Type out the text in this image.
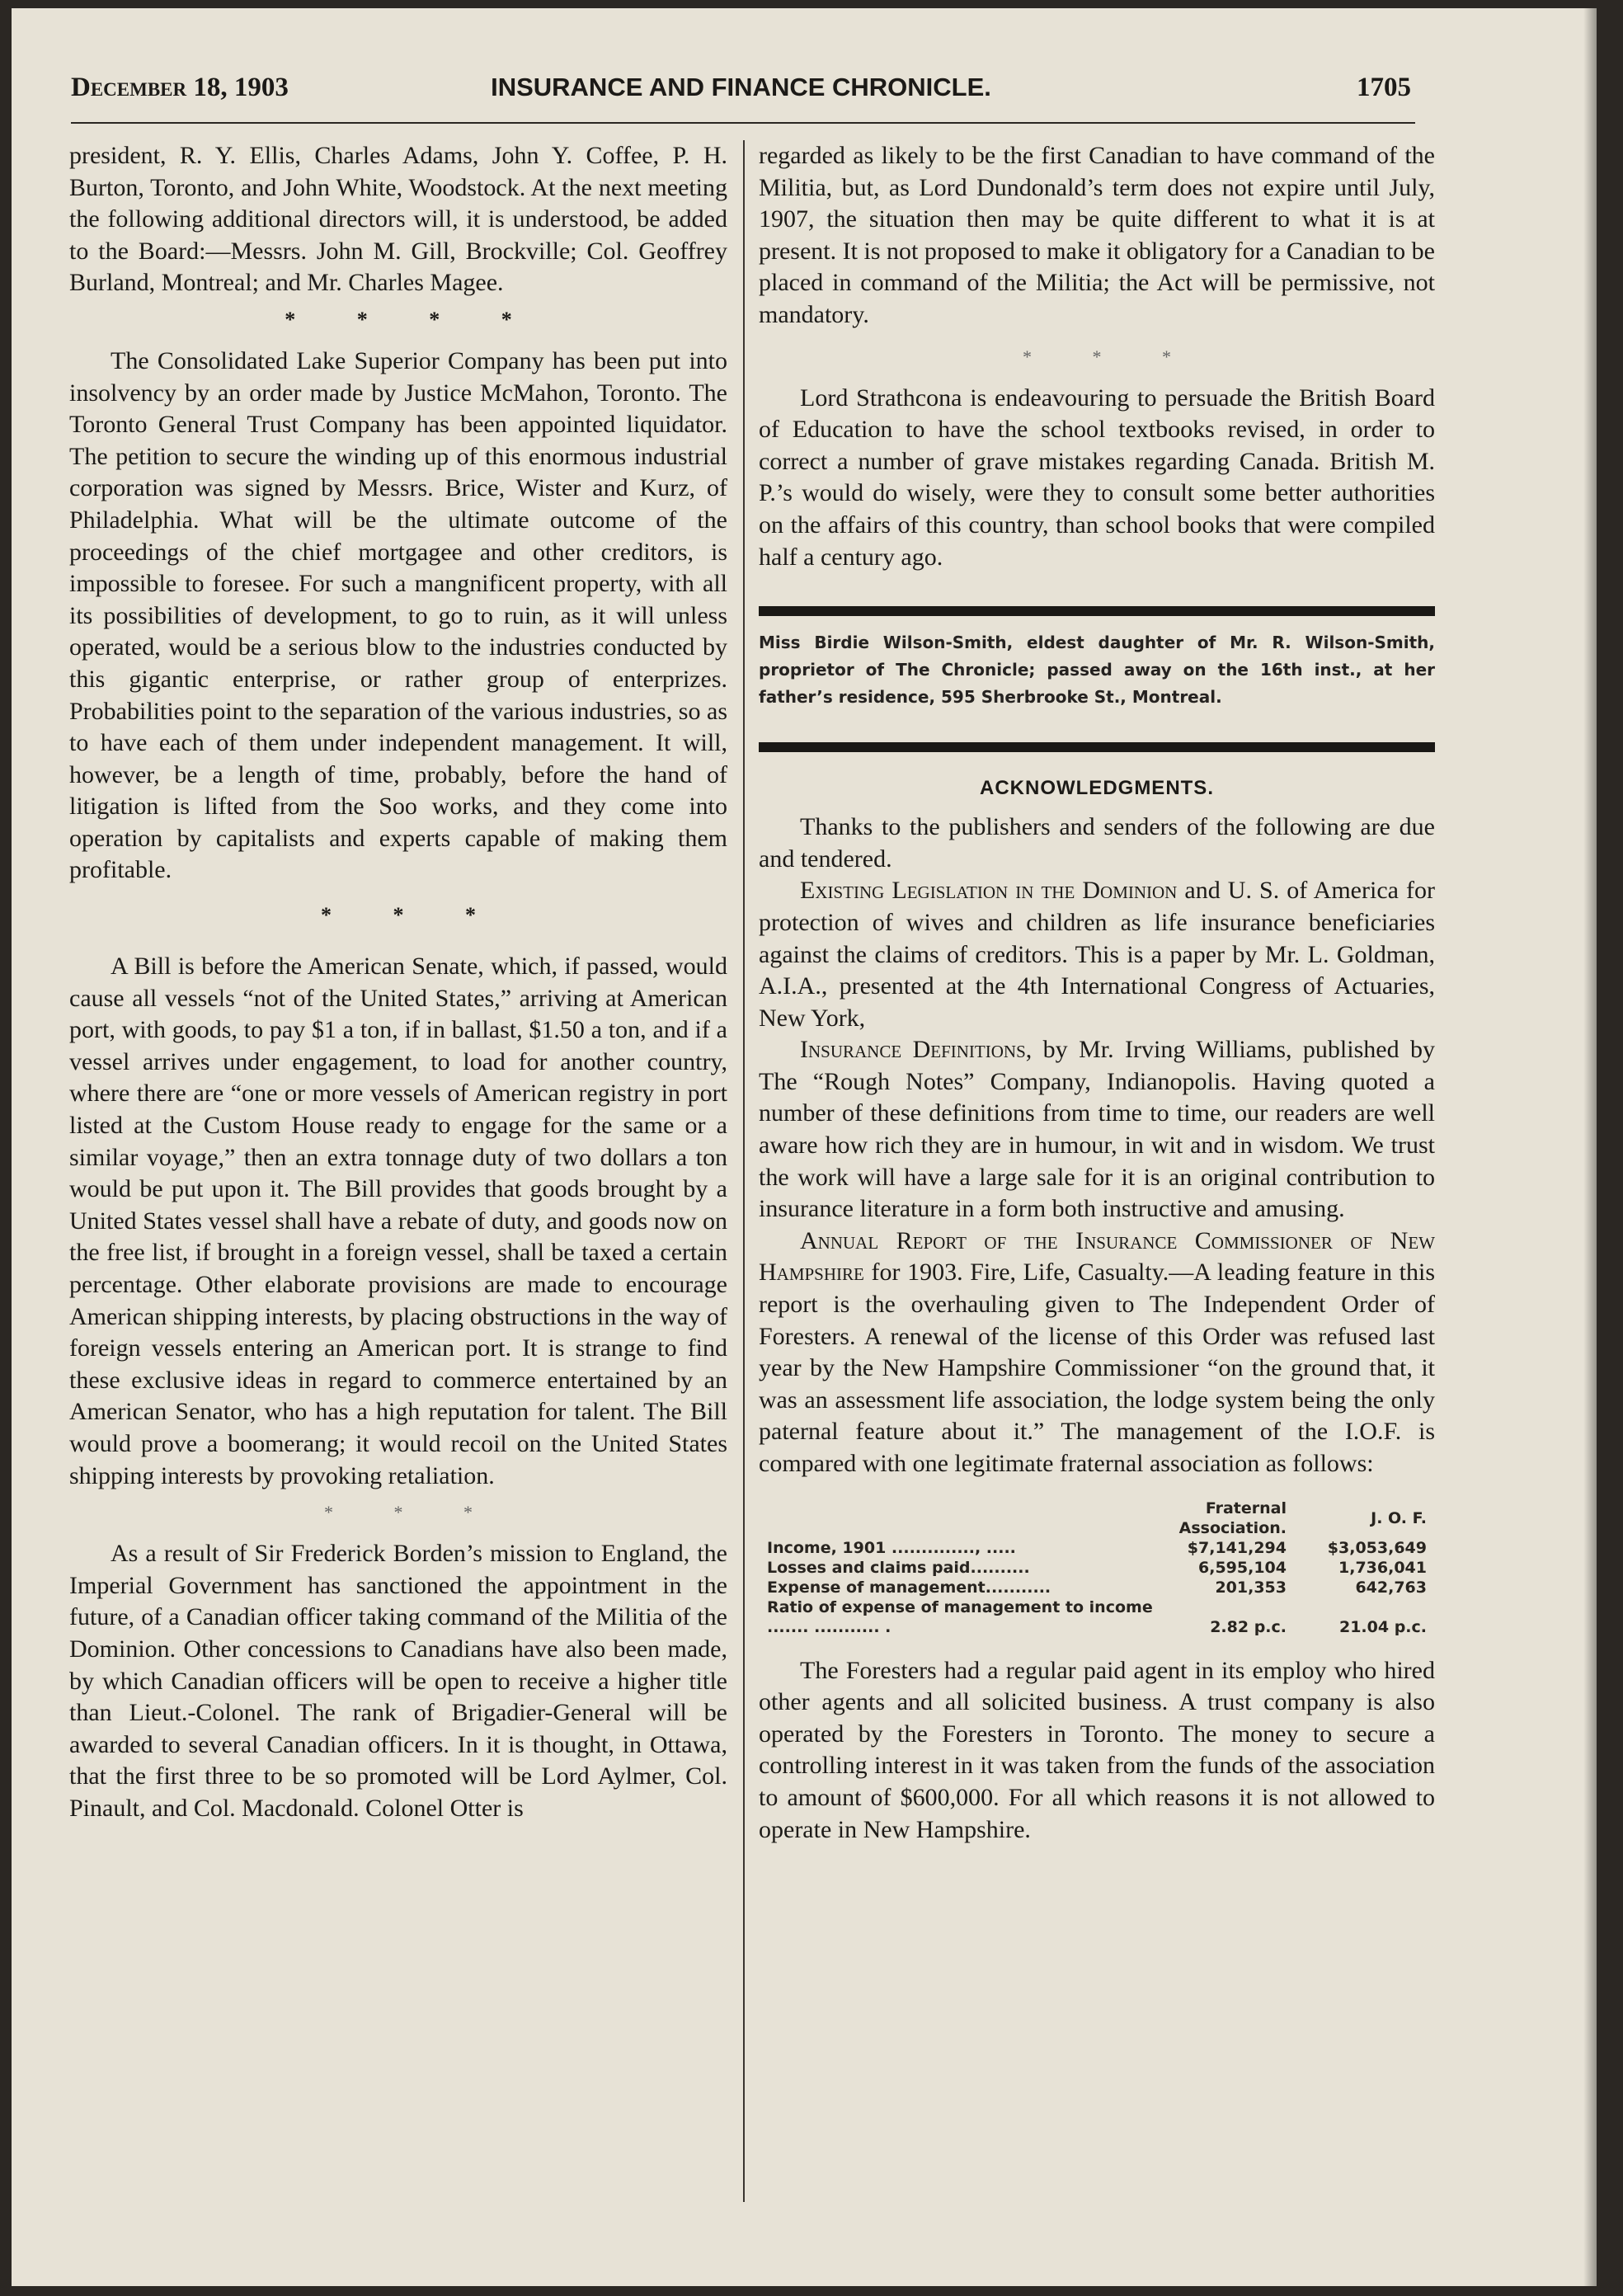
December 18, 1903	INSURANCE AND FINANCE CHRONICLE.	1705

president, R. Y. Ellis, Charles Adams, John Y. Coffee, P. H. Burton, Toronto, and John White, Woodstock. At the next meeting the following additional directors will, it is understood, be added to the Board:—Messrs. John M. Gill, Brockville; Col. Geoffrey Burland, Montreal; and Mr. Charles Magee.

* * * *

The Consolidated Lake Superior Company has been put into insolvency by an order made by Justice McMahon, Toronto. The Toronto General Trust Company has been appointed liquidator. The petition to secure the winding up of this enormous industrial corporation was signed by Messrs. Brice, Wister and Kurz, of Philadelphia. What will be the ultimate outcome of the proceedings of the chief mortgagee and other creditors, is impossible to foresee. For such a mangnificent property, with all its possibilities of development, to go to ruin, as it will unless operated, would be a serious blow to the industries conducted by this gigantic enterprise, or rather group of enterprizes. Probabilities point to the separation of the various industries, so as to have each of them under independent management. It will, however, be a length of time, probably, before the hand of litigation is lifted from the Soo works, and they come into operation by capitalists and experts capable of making them profitable.

* * *

A Bill is before the American Senate, which, if passed, would cause all vessels “not of the United States,” arriving at American port, with goods, to pay $1 a ton, if in ballast, $1.50 a ton, and if a vessel arrives under engagement, to load for another country, where there are “one or more vessels of American registry in port listed at the Custom House ready to engage for the same or a similar voyage,” then an extra tonnage duty of two dollars a ton would be put upon it. The Bill provides that goods brought by a United States vessel shall have a rebate of duty, and goods now on the free list, if brought in a foreign vessel, shall be taxed a certain percentage. Other elaborate provisions are made to encourage American shipping interests, by placing obstructions in the way of foreign vessels entering an American port. It is strange to find these exclusive ideas in regard to commerce entertained by an American Senator, who has a high reputation for talent. The Bill would prove a boomerang; it would recoil on the United States shipping interests by provoking retaliation.

* * *

As a result of Sir Frederick Borden’s mission to England, the Imperial Government has sanctioned the appointment in the future, of a Canadian officer taking command of the Militia of the Dominion. Other concessions to Canadians have also been made, by which Canadian officers will be open to receive a higher title than Lieut.-Colonel. The rank of Brigadier-General will be awarded to several Canadian officers. In it is thought, in Ottawa, that the first three to be so promoted will be Lord Aylmer, Col. Pinault, and Col. Macdonald. Colonel Otter is

regarded as likely to be the first Canadian to have command of the Militia, but, as Lord Dundonald’s term does not expire until July, 1907, the situation then may be quite different to what it is at present. It is not proposed to make it obligatory for a Canadian to be placed in command of the Militia; the Act will be permissive, not mandatory.

* * *

Lord Strathcona is endeavouring to persuade the British Board of Education to have the school textbooks revised, in order to correct a number of grave mistakes regarding Canada. British M. P.’s would do wisely, were they to consult some better authorities on the affairs of this country, than school books that were compiled half a century ago.

Miss Birdie Wilson-Smith, eldest daughter of Mr. R. Wilson-Smith, proprietor of The Chronicle; passed away on the 16th inst., at her father’s residence, 595 Sherbrooke St., Montreal.

ACKNOWLEDGMENTS.

Thanks to the publishers and senders of the following are due and tendered.

Existing Legislation in the Dominion and U. S. of America for protection of wives and children as life insurance beneficiaries against the claims of creditors. This is a paper by Mr. L. Goldman, A.I.A., presented at the 4th International Congress of Actuaries, New York,

Insurance Definitions, by Mr. Irving Williams, published by The “Rough Notes” Company, Indianopolis. Having quoted a number of these definitions from time to time, our readers are well aware how rich they are in humour, in wit and in wisdom. We trust the work will have a large sale for it is an original contribution to insurance literature in a form both instructive and amusing.

Annual Report of the Insurance Commissioner of New Hampshire for 1903. Fire, Life, Casualty.—A leading feature in this report is the overhauling given to The Independent Order of Foresters. A renewal of the license of this Order was refused last year by the New Hampshire Commissioner “on the ground that, it was an assessment life association, the lodge system being the only paternal feature about it.” The management of the I.O.F. is compared with one legitimate fraternal association as follows:

	Fraternal Association.	J. O. F.
Income, 1901 .............., .....	$7,141,294	$3,053,649
Losses and claims paid..........	6,595,104	1,736,041
Expense of management...........	201,353	642,763
Ratio of expense of management to income ....... ........... .	2.82 p.c.	21.04 p.c.

The Foresters had a regular paid agent in its employ who hired other agents and all solicited business. A trust company is also operated by the Foresters in Toronto. The money to secure a controlling interest in it was taken from the funds of the association to amount of $600,000. For all which reasons it is not allowed to operate in New Hampshire.
